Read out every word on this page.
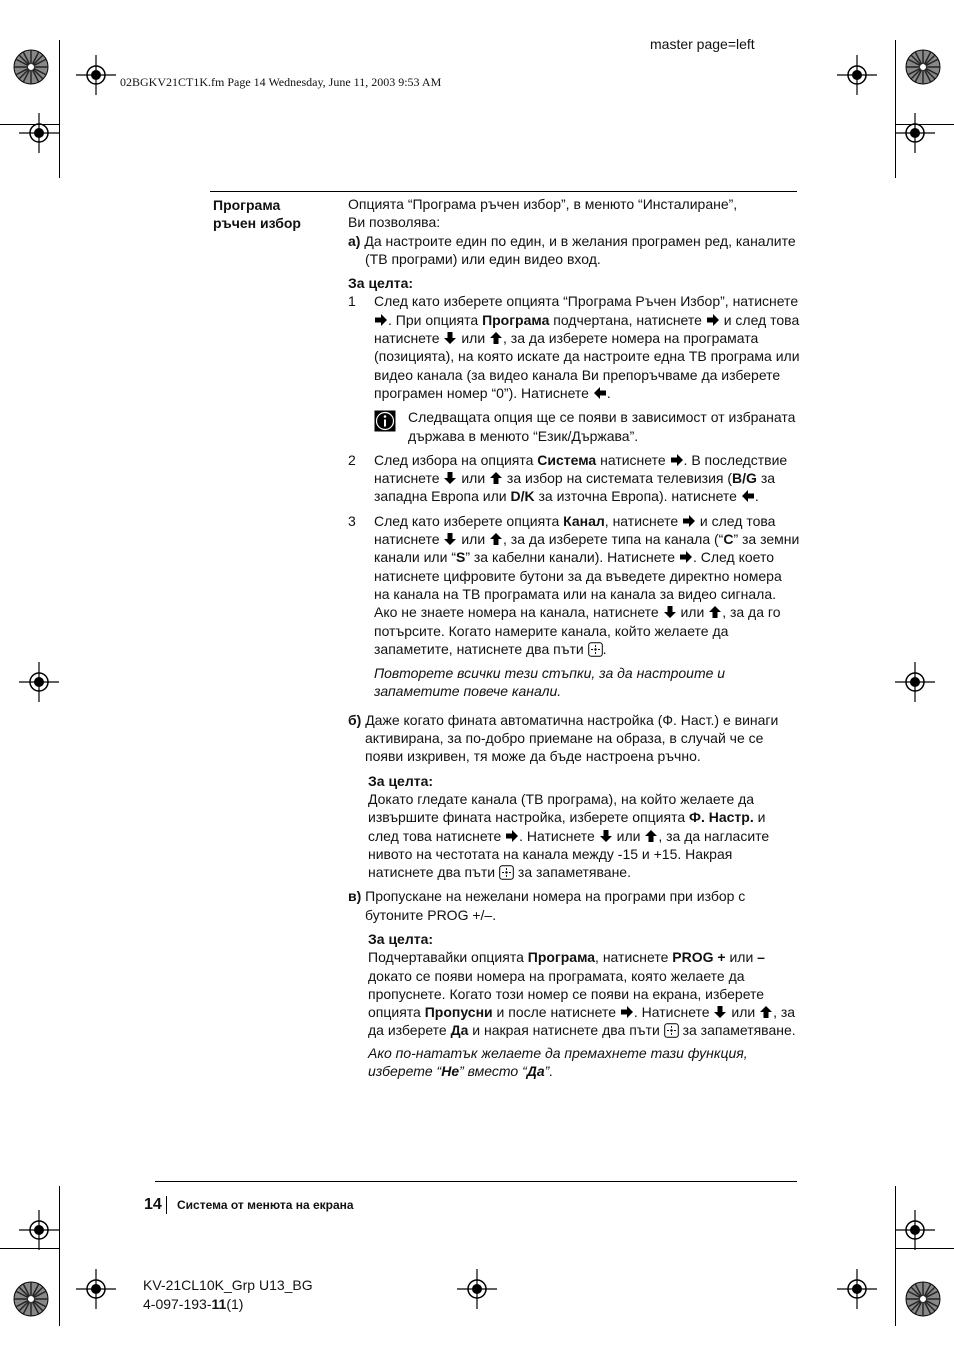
master page=left
02BGKV21CT1K.fm Page 14 Wednesday, June 11, 2003 9:53 AM
Програма
ръчен избор

Опцията “Програма ръчен избор”, в менюто “Инсталиране”,

Ви позволява:

а) Да настроите един по един, и в желания програмен ред, каналите (ТВ програми) или един видео вход.

За целта:

1	След като изберете опцията “Програма Ръчен Избор”, натиснете . При опцията Програма подчертана, натиснете  и след това натиснете  или , за да изберете номера на програмата (позицията), на която искате да настроите една ТВ програма или видео канала (за видео канала Ви препоръчваме да изберете програмен номер “0”). Натиснете .
Следващата опция ще се появи в зависимост от избраната държава в менюто “Език/Държава”.
2	След избора на опцията Система натиснете . В последствие натиснете  или  за избор на системата телевизия (B/G за западна Европа или D/K за източна Европа). натиснете .
3	След като изберете опцията Канал, натиснете  и след това натиснете  или , за да изберете типа на канала (“C” за земни канали или “S” за кабелни канали). Натиснете . След което натиснете цифровите бутони за да въведете директно номера на канала на ТВ програмата или на канала за видео сигнала. Ако не знаете номера на канала, натиснете  или , за да го потърсите. Когато намерите канала, който желаете да запаметите, натиснете два пъти .

Повторете всички тези стъпки, за да настроите и запаметите повече канали.

б) Даже когато фината автоматична настройка (Ф. Наст.) е винаги активирана, за по-добро приемане на образа, в случай че се появи изкривен, тя може да бъде настроена ръчно.

За целта:

Докато гледате канала (ТВ програма), на който желаете да извършите фината настройка, изберете опцията Ф. Настр. и след това натиснете . Натиснете  или , за да нагласите нивото на честотата на канала между -15 и +15. Накрая натиснете два пъти  за запаметяване.

в) Пропускане на нежелани номера на програми при избор с бутоните PROG +/–.

За целта:

Подчертавайки опцията Програма, натиснете PROG + или – докато се появи номера на програмата, която желаете да пропуснете. Когато този номер се появи на екрана, изберете опцията Пропусни и после натиснете . Натиснете  или , за да изберете Да и накрая натиснете два пъти  за запаметяване.

Ако по-нататък желаете да премахнете тази функция, изберете “Не” вместо “Да”.

14 Система от менюта на екрана
KV-21CL10K_Grp U13_BG
4-097-193-11(1)
